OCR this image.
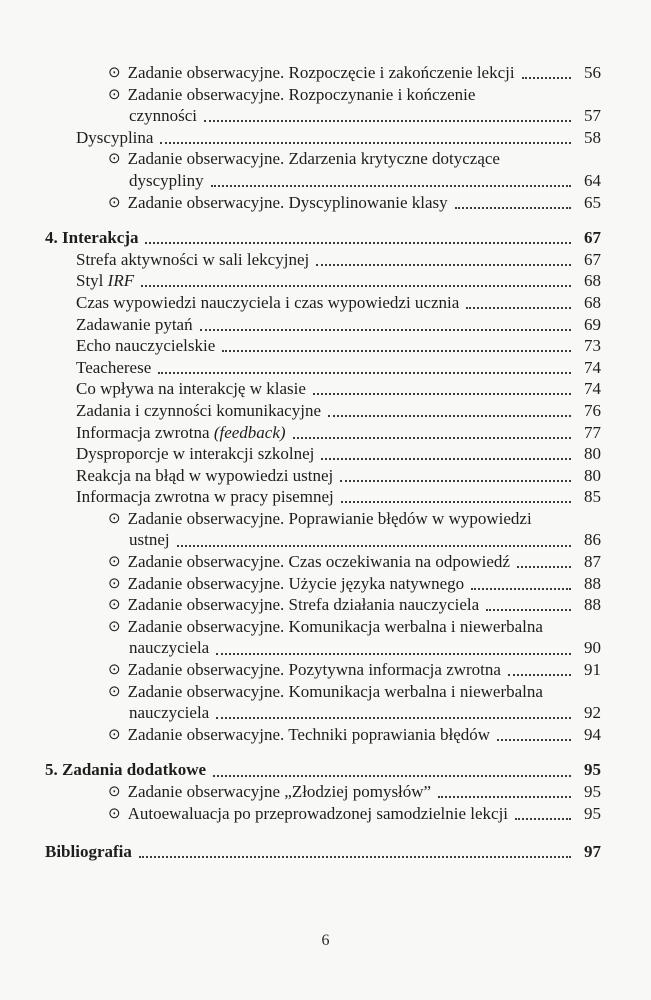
⊙ Zadanie obserwacyjne. Rozpoczęcie i zakończenie lekcji	56
⊙ Zadanie obserwacyjne. Rozpoczynanie i kończenie
czynności	57
Dyscyplina	58
⊙ Zadanie obserwacyjne. Zdarzenia krytyczne dotyczące
dyscypliny	64
⊙ Zadanie obserwacyjne. Dyscyplinowanie klasy	65
4. Interakcja	67
Strefa aktywności w sali lekcyjnej	67
Styl IRF	68
Czas wypowiedzi nauczyciela i czas wypowiedzi ucznia	68
Zadawanie pytań	69
Echo nauczycielskie	73
Teacherese	74
Co wpływa na interakcję w klasie	74
Zadania i czynności komunikacyjne	76
Informacja zwrotna (feedback)	77
Dysproporcje w interakcji szkolnej	80
Reakcja na błąd w wypowiedzi ustnej	80
Informacja zwrotna w pracy pisemnej	85
⊙ Zadanie obserwacyjne. Poprawianie błędów w wypowiedzi
ustnej	86
⊙ Zadanie obserwacyjne. Czas oczekiwania na odpowiedź	87
⊙ Zadanie obserwacyjne. Użycie języka natywnego	88
⊙ Zadanie obserwacyjne. Strefa działania nauczyciela	88
⊙ Zadanie obserwacyjne. Komunikacja werbalna i niewerbalna
nauczyciela	90
⊙ Zadanie obserwacyjne. Pozytywna informacja zwrotna	91
⊙ Zadanie obserwacyjne. Komunikacja werbalna i niewerbalna
nauczyciela	92
⊙ Zadanie obserwacyjne. Techniki poprawiania błędów	94
5. Zadania dodatkowe	95
⊙ Zadanie obserwacyjne „Złodziej pomysłów”	95
⊙ Autoewaluacja po przeprowadzonej samodzielnie lekcji	95
Bibliografia	97
6
